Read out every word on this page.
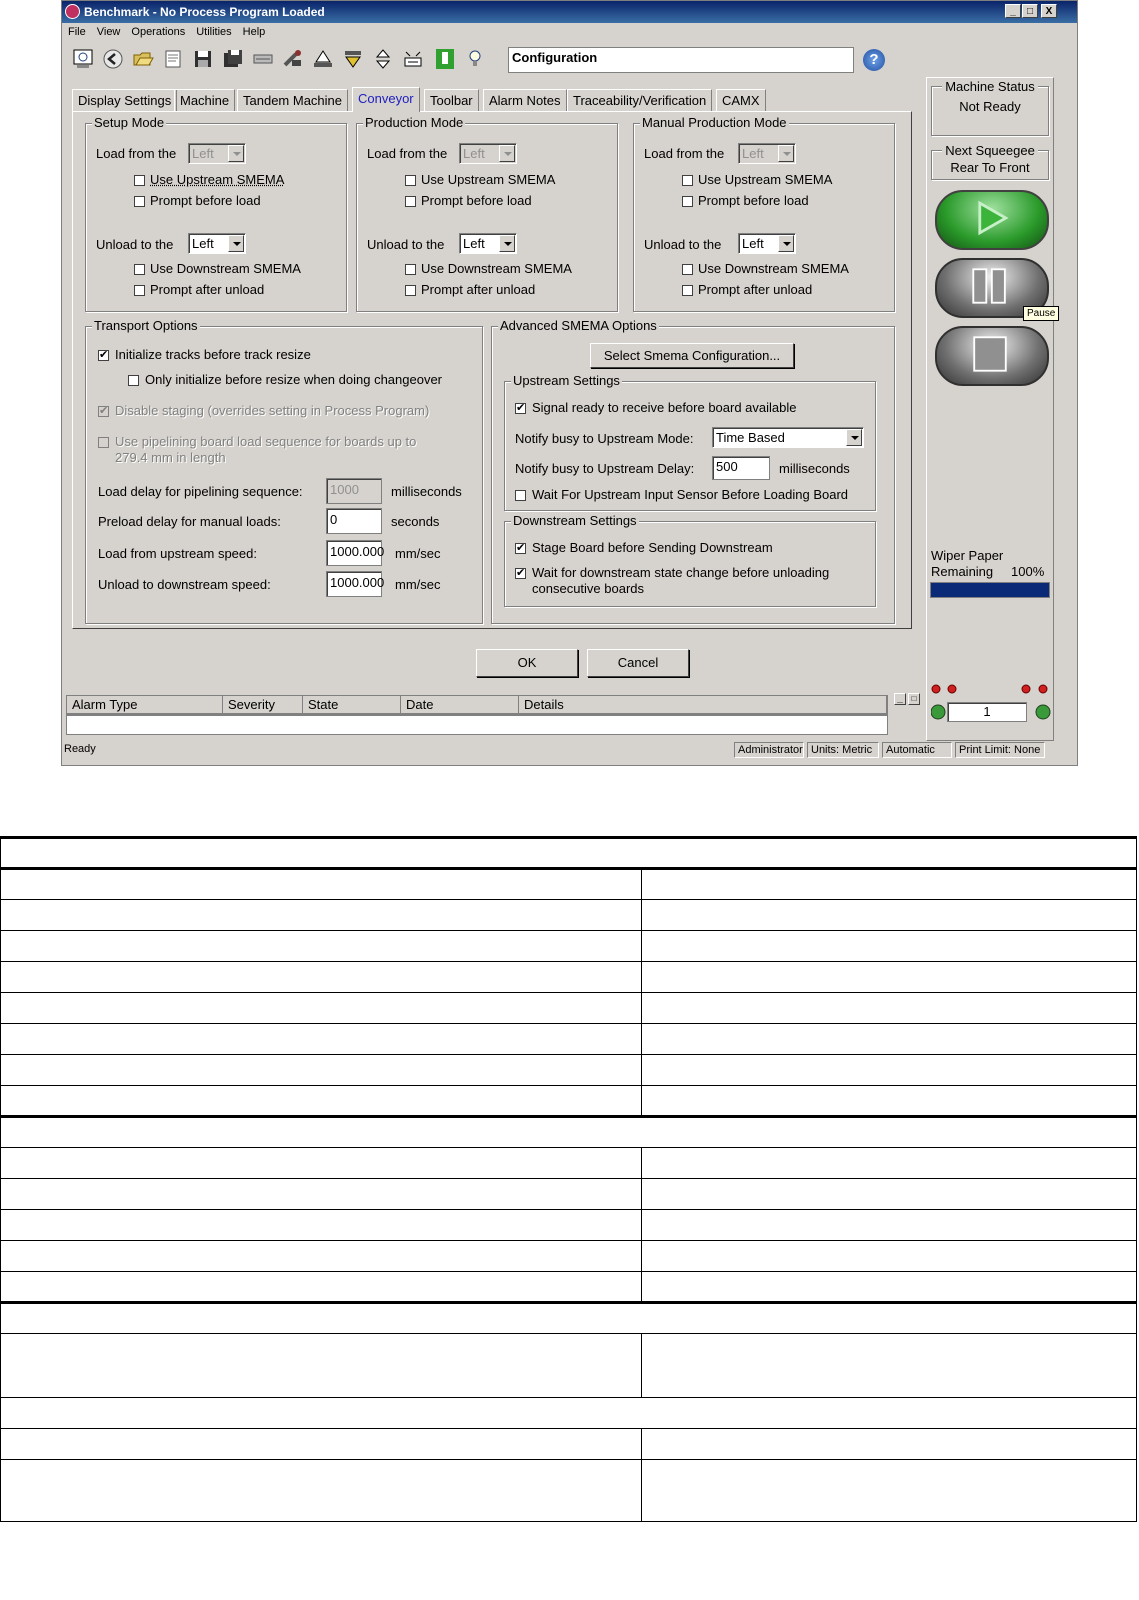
Benchmark - No Process Program Loaded	_	□	X
File View Operations Utilities Help
Configuration	?
Display Settings Machine	Tandem Machine	Conveyor	Toolbar	Alarm Notes Traceability/Verification	CAMX
Setup Mode
Load from the	Left
Use Upstream SMEMA
Prompt before load
Unload to the	Left
Use Downstream SMEMA
Prompt after unload
Production Mode
Load from the	Left
Use Upstream SMEMA
Prompt before load
Unload to the	Left
Use Downstream SMEMA
Prompt after unload
Manual Production Mode
Load from the	Left
Use Upstream SMEMA
Prompt before load
Unload to the	Left
Use Downstream SMEMA
Prompt after unload
Transport Options
✔ Initialize tracks before track resize
Only initialize before resize when doing changeover
✔ Disable staging (overrides setting in Process Program)
Use pipelining board load sequence for boards up to
279.4 mm in length
Load delay for pipelining sequence:	1000	milliseconds
Preload delay for manual loads:	0	seconds
Load from upstream speed:	1000.000 mm/sec
Unload to downstream speed:	1000.000 mm/sec
Advanced SMEMA Options
Select Smema Configuration...
Upstream Settings
✔ Signal ready to receive before board available
Notify busy to Upstream Mode:	Time Based
Notify busy to Upstream Delay:	500	milliseconds
Wait For Upstream Input Sensor Before Loading Board
Downstream Settings
✔ Stage Board before Sending Downstream
✔ Wait for downstream state change before unloading
consecutive boards
OK	Cancel
Machine Status
Not Ready
Next Squeegee
Rear To Front
Pause
Wiper Paper
Remaining 100%
1
Alarm Type	Severity	State	Date	Details	_	□
Ready	Administrator Units: Metric	Automatic	Print Limit: None
